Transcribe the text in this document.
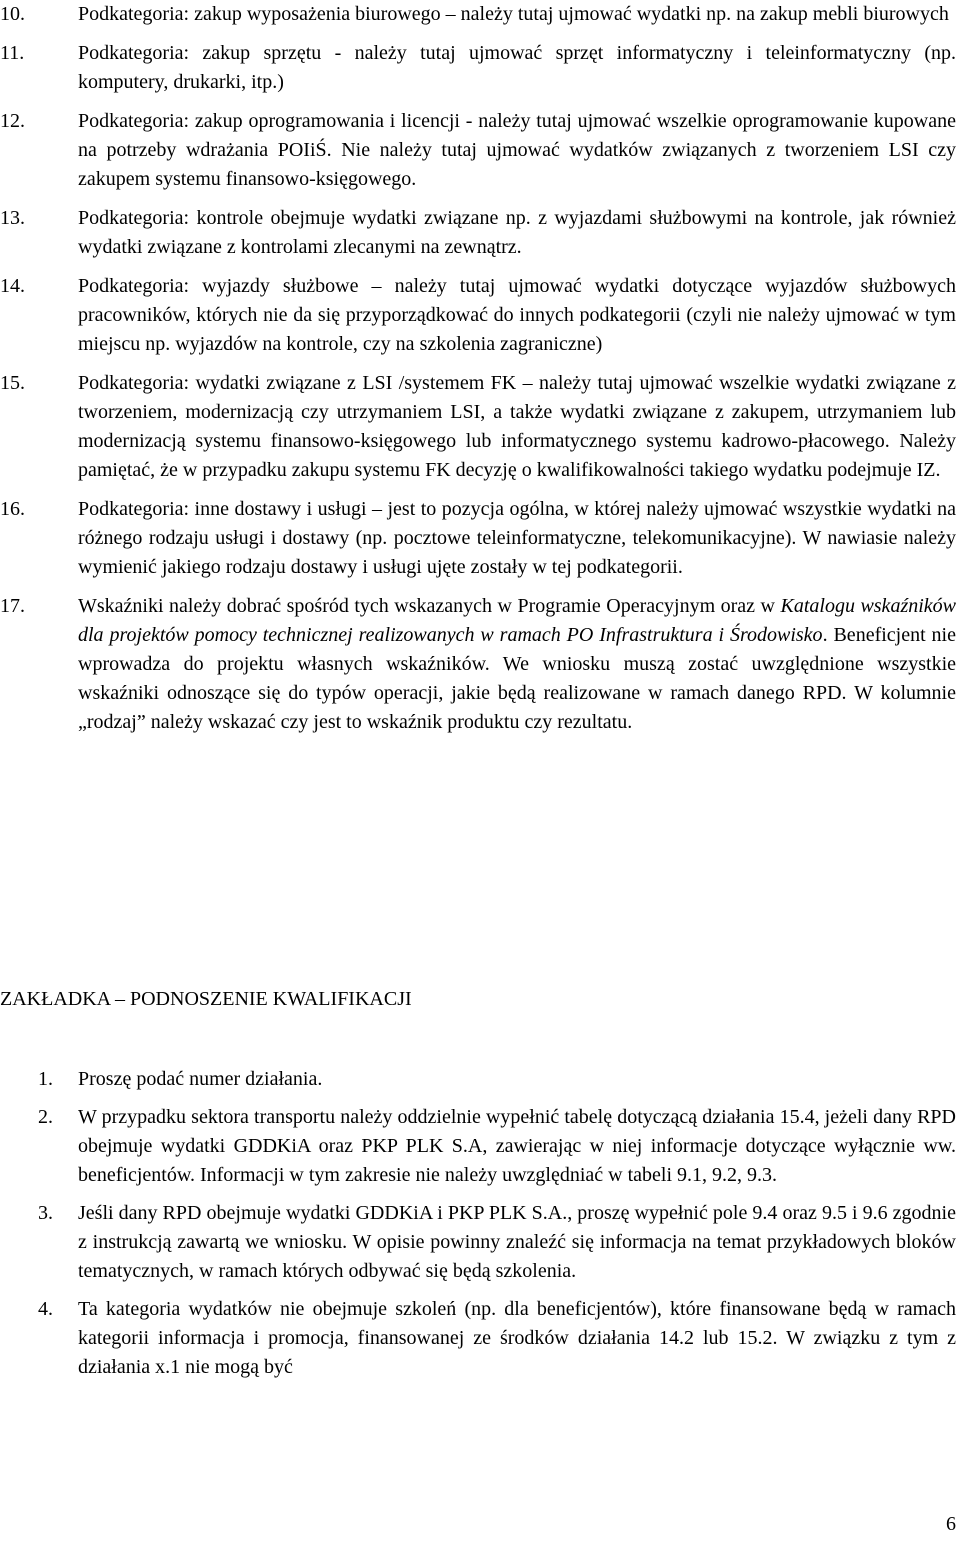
10.	Podkategoria: zakup wyposażenia biurowego – należy tutaj ujmować wydatki np. na zakup mebli biurowych
11.	Podkategoria: zakup sprzętu - należy tutaj ujmować sprzęt informatyczny i teleinformatyczny (np. komputery, drukarki, itp.)
12.	Podkategoria: zakup oprogramowania i licencji - należy tutaj ujmować wszelkie oprogramowanie kupowane na potrzeby wdrażania POIiŚ. Nie należy tutaj ujmować wydatków związanych z tworzeniem LSI czy zakupem systemu finansowo-księgowego.
13.	Podkategoria: kontrole obejmuje wydatki związane np. z wyjazdami służbowymi na kontrole, jak również wydatki związane z kontrolami zlecanymi na zewnątrz.
14.	Podkategoria: wyjazdy służbowe – należy tutaj ujmować wydatki dotyczące wyjazdów służbowych pracowników, których nie da się przyporządkować do innych podkategorii (czyli nie należy ujmować w tym miejscu np. wyjazdów na kontrole, czy na szkolenia zagraniczne)
15.	Podkategoria: wydatki związane z LSI /systemem FK – należy tutaj ujmować wszelkie wydatki związane z tworzeniem, modernizacją czy utrzymaniem LSI, a także wydatki związane z zakupem, utrzymaniem lub modernizacją systemu finansowo-księgowego lub informatycznego systemu kadrowo-płacowego. Należy pamiętać, że w przypadku zakupu systemu FK decyzję o kwalifikowalności takiego wydatku podejmuje IZ.
16.	Podkategoria: inne dostawy i usługi – jest to pozycja ogólna, w której należy ujmować wszystkie wydatki na różnego rodzaju usługi i dostawy (np. pocztowe teleinformatyczne, telekomunikacyjne). W nawiasie należy wymienić jakiego rodzaju dostawy i usługi ujęte zostały w tej podkategorii.
17.	Wskaźniki należy dobrać spośród tych wskazanych w Programie Operacyjnym oraz w Katalogu wskaźników dla projektów pomocy technicznej realizowanych w ramach PO Infrastruktura i Środowisko. Beneficjent nie wprowadza do projektu własnych wskaźników. We wniosku muszą zostać uwzględnione wszystkie wskaźniki odnoszące się do typów operacji, jakie będą realizowane w ramach danego RPD. W kolumnie „rodzaj” należy wskazać czy jest to wskaźnik produktu czy rezultatu.
ZAKŁADKA – PODNOSZENIE KWALIFIKACJI
1. Proszę podać numer działania.
2. W przypadku sektora transportu należy oddzielnie wypełnić tabelę dotyczącą działania 15.4, jeżeli dany RPD obejmuje wydatki GDDKiA oraz PKP PLK S.A, zawierając w niej informacje dotyczące wyłącznie ww. beneficjentów. Informacji w tym zakresie nie należy uwzględniać w tabeli 9.1, 9.2, 9.3.
3. Jeśli dany RPD obejmuje wydatki GDDKiA i PKP PLK S.A., proszę wypełnić pole 9.4 oraz 9.5 i 9.6 zgodnie z instrukcją zawartą we wniosku. W opisie powinny znaleźć się informacja na temat przykładowych bloków tematycznych, w ramach których odbywać się będą szkolenia.
4. Ta kategoria wydatków nie obejmuje szkoleń (np. dla beneficjentów), które finansowane będą w ramach kategorii informacja i promocja, finansowanej ze środków działania 14.2 lub 15.2. W związku z tym z działania x.1 nie mogą być
6
